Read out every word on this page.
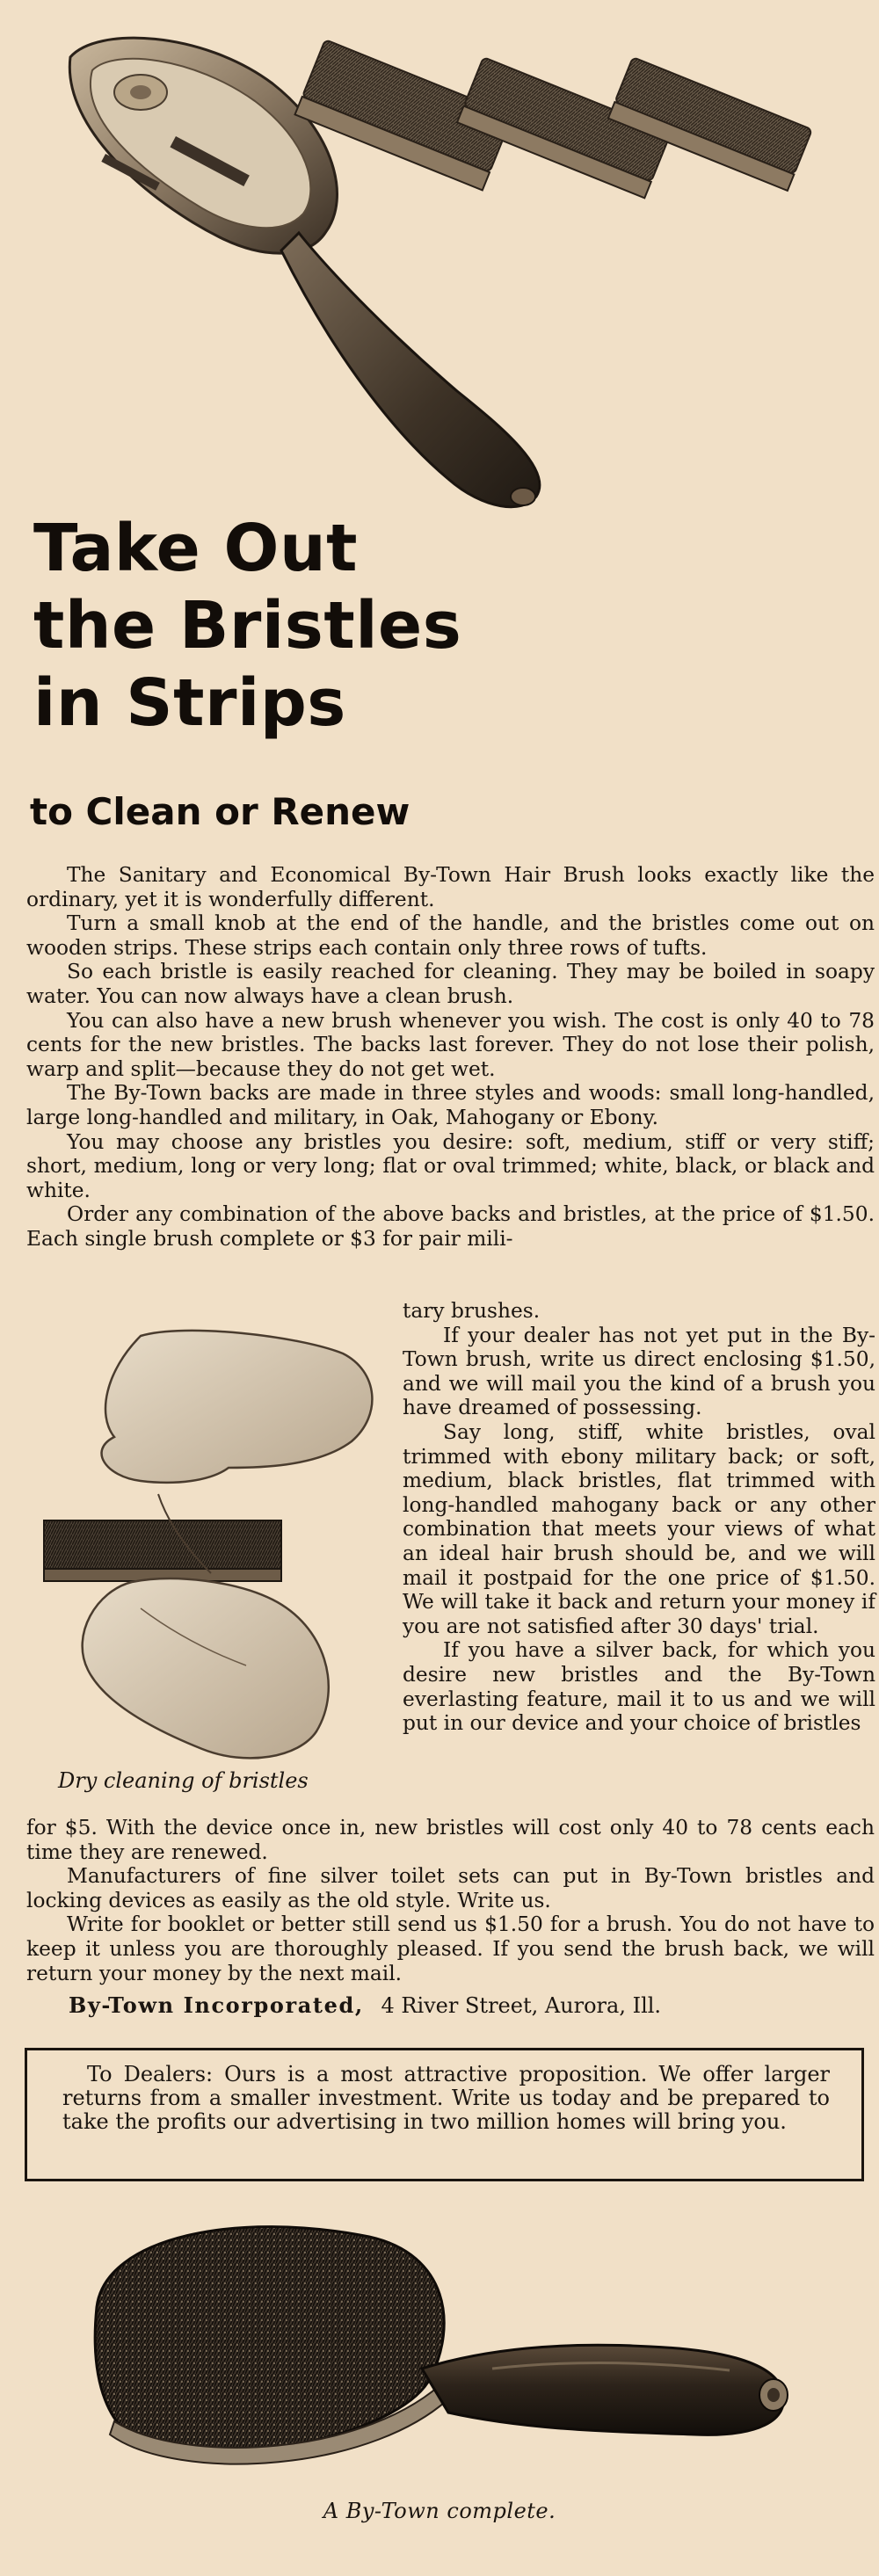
Take Out
the Bristles
in Strips
to Clean or Renew

The Sanitary and Economical By-Town Hair Brush looks exactly like the ordinary, yet it is wonderfully different.

Turn a small knob at the end of the handle, and the bristles come out on wooden strips. These strips each contain only three rows of tufts.

So each bristle is easily reached for cleaning. They may be boiled in soapy water. You can now always have a clean brush.

You can also have a new brush whenever you wish. The cost is only 40 to 78 cents for the new bristles. The backs last forever. They do not lose their polish, warp and split—because they do not get wet.

The By-Town backs are made in three styles and woods: small long-handled, large long-handled and military, in Oak, Mahogany or Ebony.

You may choose any bristles you desire: soft, medium, stiff or very stiff; short, medium, long or very long; flat or oval trimmed; white, black, or black and white.

Order any combination of the above backs and bristles, at the price of $1.50. Each single brush complete or $3 for pair mili-

tary brushes.

If your dealer has not yet put in the By-Town brush, write us direct enclosing $1.50, and we will mail you the kind of a brush you have dreamed of possessing.

Say long, stiff, white bristles, oval trimmed with ebony military back; or soft, medium, black bristles, flat trimmed with long-handled mahogany back or any other combination that meets your views of what an ideal hair brush should be, and we will mail it postpaid for the one price of $1.50. We will take it back and return your money if you are not satisfied after 30 days' trial.

If you have a silver back, for which you desire new bristles and the By-Town everlasting feature, mail it to us and we will put in our device and your choice of bristles

Dry cleaning of bristles

for $5. With the device once in, new bristles will cost only 40 to 78 cents each time they are renewed.

Manufacturers of fine silver toilet sets can put in By-Town bristles and locking devices as easily as the old style. Write us.

Write for booklet or better still send us $1.50 for a brush. You do not have to keep it unless you are thoroughly pleased. If you send the brush back, we will return your money by the next mail.

By-Town Incorporated, 4 River Street, Aurora, Ill.

To Dealers: Ours is a most attractive proposition. We offer larger returns from a smaller investment. Write us today and be prepared to take the profits our advertising in two million homes will bring you.

A By-Town complete.
